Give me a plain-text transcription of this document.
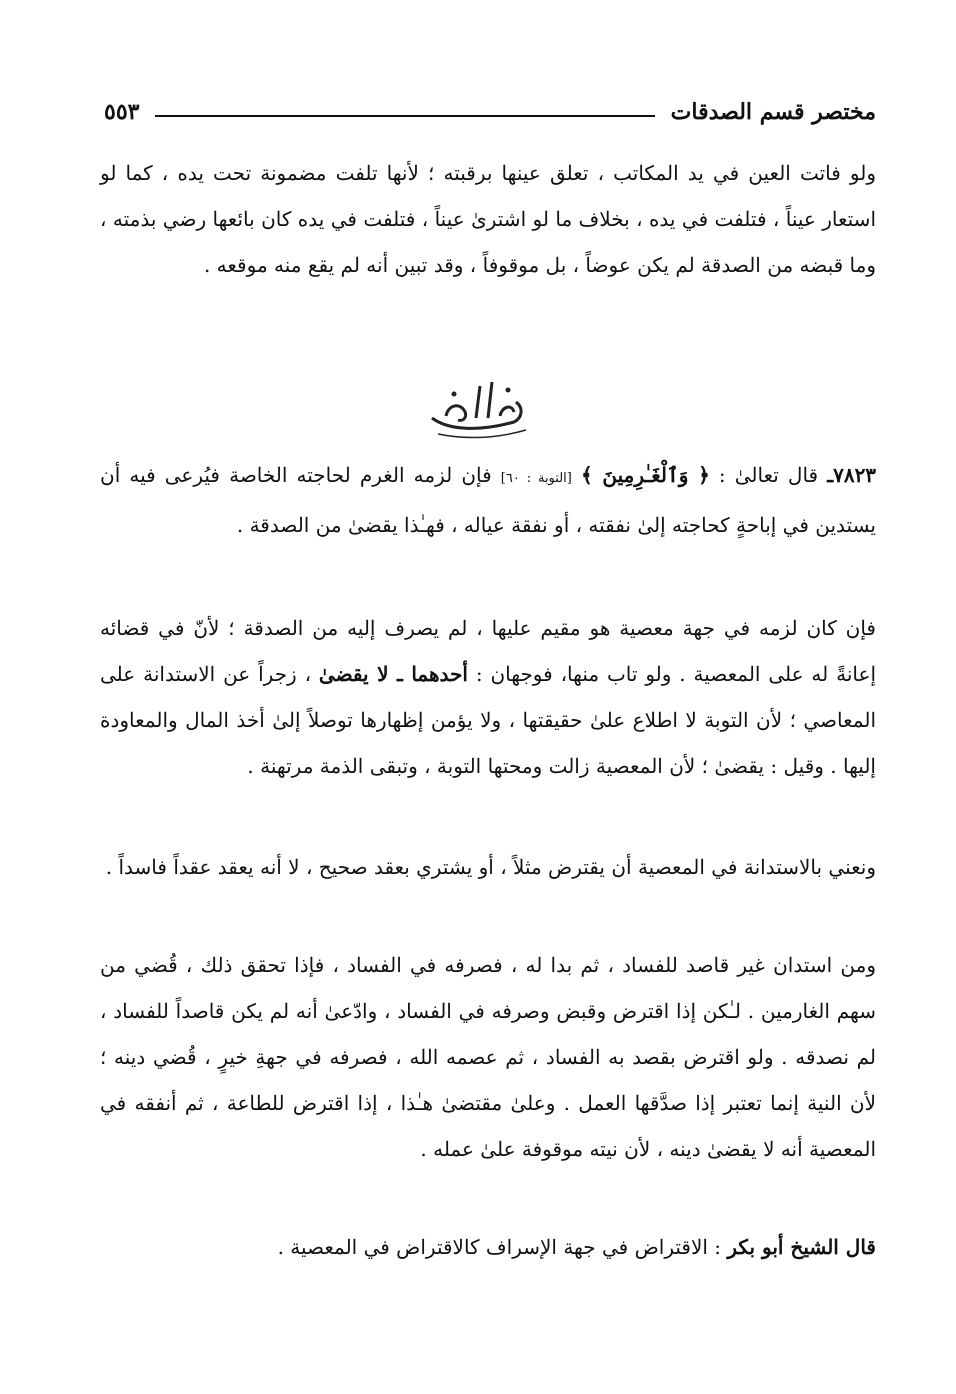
مختصر قسم الصدقات
٥٥٣

ولو فاتت العين في يد المكاتب ، تعلق عينها برقبته ؛ لأنها تلفت مضمونة تحت يده ، كما لو استعار عيناً ، فتلفت في يده ، بخلاف ما لو اشترىٰ عيناً ، فتلفت في يده كان بائعها رضي بذمته ، وما قبضه من الصدقة لم يكن عوضاً ، بل موقوفاً ، وقد تبين أنه لم يقع منه موقعه .

٧٨٢٣ـ قال تعالىٰ : ﴿ وَٱلْغَـٰرِمِينَ ﴾ [التوبة : ٦٠] فإن لزمه الغرم لحاجته الخاصة فيُرعى فيه أن يستدين في إباحةٍ كحاجته إلىٰ نفقته ، أو نفقة عياله ، فهـٰذا يقضىٰ من الصدقة .

فإن كان لزمه في جهة معصية هو مقيم عليها ، لم يصرف إليه من الصدقة ؛ لأنّ في قضائه إعانةً له على المعصية . ولو تاب منها، فوجهان : أحدهما ـ لا يقضىٰ ، زجراً عن الاستدانة على المعاصي ؛ لأن التوبة لا اطلاع علىٰ حقيقتها ، ولا يؤمن إظهارها توصلاً إلىٰ أخذ المال والمعاودة إليها . وقيل : يقضىٰ ؛ لأن المعصية زالت ومحتها التوبة ، وتبقى الذمة مرتهنة .

ونعني بالاستدانة في المعصية أن يقترض مثلاً ، أو يشتري بعقد صحيح ، لا أنه يعقد عقداً فاسداً .

ومن استدان غير قاصد للفساد ، ثم بدا له ، فصرفه في الفساد ، فإذا تحقق ذلك ، قُضي من سهم الغارمين . لـٰكن إذا اقترض وقبض وصرفه في الفساد ، وادّعىٰ أنه لم يكن قاصداً للفساد ، لم نصدقه . ولو اقترض بقصد به الفساد ، ثم عصمه الله ، فصرفه في جهةِ خيرٍ ، قُضي دينه ؛ لأن النية إنما تعتبر إذا صدَّقها العمل . وعلىٰ مقتضىٰ هـٰذا ، إذا اقترض للطاعة ، ثم أنفقه في المعصية أنه لا يقضىٰ دينه ، لأن نيته موقوفة علىٰ عمله .

قال الشيخ أبو بكر : الاقتراض في جهة الإسراف كالاقتراض في المعصية .
